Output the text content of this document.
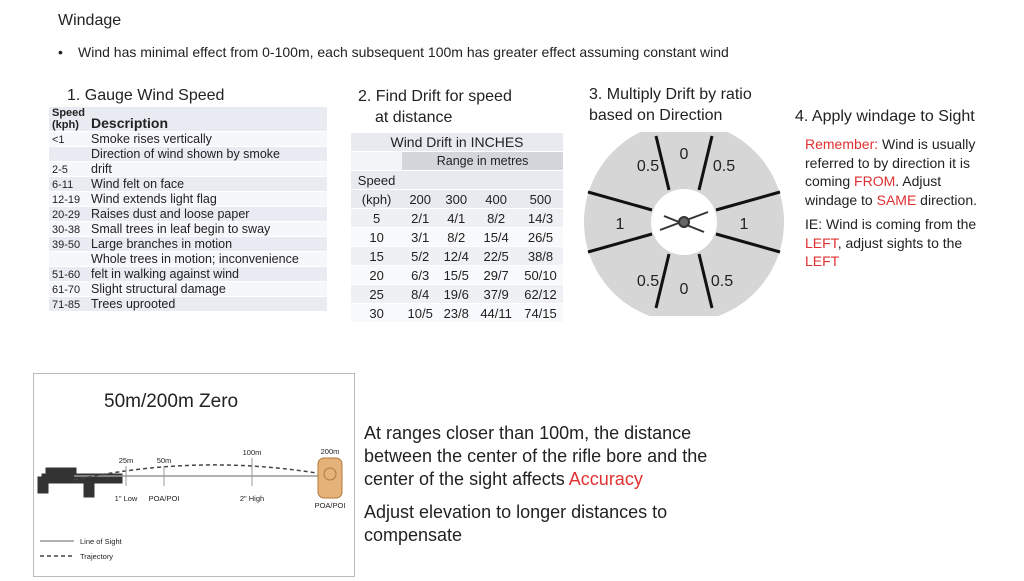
Windage
• Wind has minimal effect from 0-100m, each subsequent 100m has greater effect assuming constant wind
1. Gauge Wind Speed	2. Find Drift for speed
at distance
3. Multiply Drift by ratio
based on Direction	4. Apply windage to Sight
Speed
(kph)	Description
<1	Smoke rises vertically
	Direction of wind shown by smoke
2-5	drift
6-11	Wind felt on face
12-19	Wind extends light flag
20-29	Raises dust and loose paper
30-38	Small trees in leaf begin to sway
39-50	Large branches in motion
	Whole trees in motion; inconvenience
51-60	felt in walking against wind
61-70	Slight structural damage
71-85	Trees uprooted
Wind Drift in INCHES				
	Range in metres			
Speed				
(kph)	200	300	400	500
5	2/1	4/1	8/2	14/3
10	3/1	8/2	15/4	26/5
15	5/2	12/4	22/5	38/8
20	6/3	15/5	29/7	50/10
25	8/4	19/6	37/9	62/12
30	10/5	23/8	44/11	74/15
0
0
0.5	0.5
0.5	0.5
1	1
Remember: Wind is usually referred to by direction it is coming FROM. Adjust windage to SAME direction.
IE: Wind is coming from the LEFT, adjust sights to the LEFT
50m/200m Zero
25m	50m
100m	200m
1" Low POA/POI	2" High
POA/POI
Line of Sight
Trajectory
At ranges closer than 100m, the distance between the center of the rifle bore and the center of the sight affects Accuracy
Adjust elevation to longer distances to compensate
